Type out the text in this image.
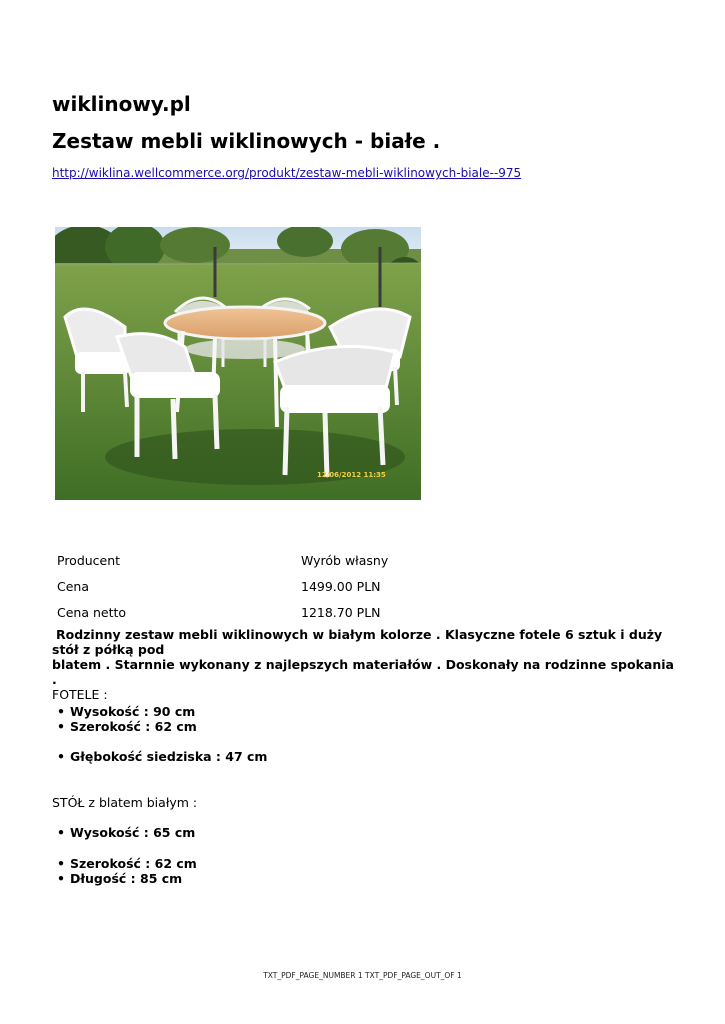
wiklinowy.pl
Zestaw mebli wiklinowych - białe .
http://wiklina.wellcommerce.org/produkt/zestaw-mebli-wiklinowych-biale--975
12/06/2012 11:35
Producent	Wyrób własny
Cena	1499.00 PLN
Cena netto	1218.70 PLN
Rodzinny zestaw mebli wiklinowych w białym kolorze . Klasyczne fotele 6 sztuk i duży
stół z półką pod
blatem . Starnnie wykonany z najlepszych materiałów . Doskonały na rodzinne spokania .
FOTELE :
• Wysokość : 90 cm
• Szerokość : 62 cm
• Głębokość siedziska : 47 cm
STÓŁ z blatem białym :
• Wysokość : 65 cm
• Szerokość : 62 cm
• Długość : 85 cm
TXT_PDF_PAGE_NUMBER 1 TXT_PDF_PAGE_OUT_OF 1
